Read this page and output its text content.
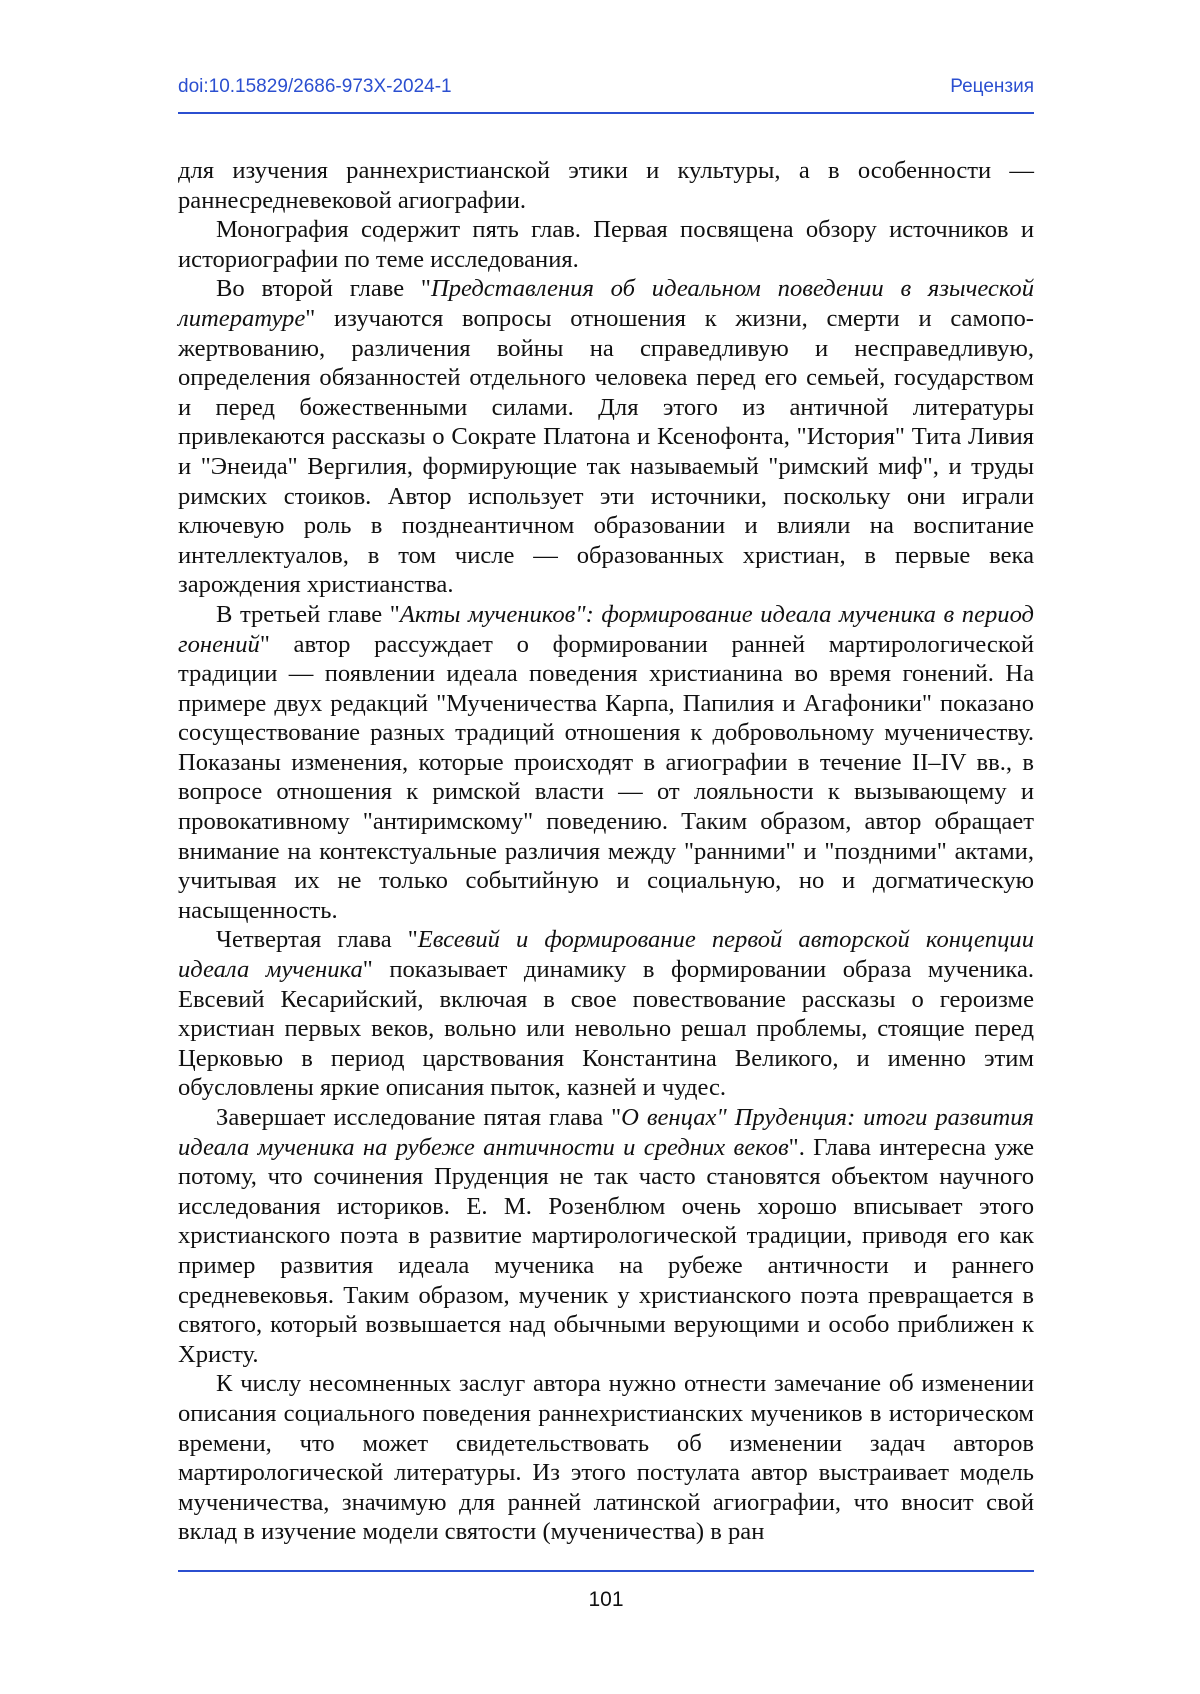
doi:10.15829/2686-973X-2024-1	Рецензия

для изучения раннехристианской этики и культуры, а в особенности — раннесредневековой агиографии.

Монография содержит пять глав. Первая посвящена обзору источников и историографии по теме исследования.

Во второй главе "Представления об идеальном поведении в языческой литературе" изучаются вопросы отношения к жизни, смерти и самопо­жертвованию, различения войны на справедливую и несправедливую, определения обязанностей отдельного человека перед его семьей, государ­ством и перед божественными силами. Для этого из античной литературы привлекаются рассказы о Сократе Платона и Ксенофонта, "История" Тита Ливия и "Энеида" Вергилия, формирующие так называемый "рим­ский миф", и труды римских стоиков. Автор использует эти источники, поскольку они играли ключевую роль в позднеантичном образовании и влияли на воспитание интеллектуалов, в том числе — образованных хри­стиан, в первые века зарождения христианства.

В третьей главе "Акты мучеников": формирование идеала мученика в период гонений" автор рассуждает о формировании ранней мартироло­гической традиции — появлении идеала поведения христианина во время гонений. На примере двух редакций "Мученичества Карпа, Папилия и Агафоники" показано сосуществование разных традиций отношения к добровольному мученичеству. Показаны изменения, которые проис­ходят в агиографии в течение II–IV вв., в вопросе отношения к римской власти — от лояльности к вызывающему и провокативному "антирим­скому" поведению. Таким образом, автор обращает внимание на контек­стуальные различия между "ранними" и "поздними" актами, учитывая их не только событийную и социальную, но и догматическую насыщенность.

Четвертая глава "Евсевий и формирование первой авторской концепции идеала мученика" показывает динамику в формировании образа мученика. Евсевий Кесарийский, включая в свое повествование рассказы о героизме христиан первых веков, вольно или невольно решал проблемы, стоящие перед Церковью в период царствования Константина Великого, и именно этим обусловлены яркие описания пыток, казней и чудес.

Завершает исследование пятая глава "О венцах" Пруденция: итоги раз­вития идеала мученика на рубеже античности и средних веков". Глава инте­ресна уже потому, что сочинения Пруденция не так часто становятся объ­ектом научного исследования историков. Е. М. Розенблюм очень хорошо вписывает этого христианского поэта в развитие мартирологической традиции, приводя его как пример развития идеала мученика на рубеже античности и раннего средневековья. Таким образом, мученик у христиан­ского поэта превращается в святого, который возвышается над обычными верующими и особо приближен к Христу.

К числу несомненных заслуг автора нужно отнести замечание об изме­нении описания социального поведения раннехристианских мучеников в историческом времени, что может свидетельствовать об изменении задач авторов мартирологической литературы. Из этого постулата автор выстра­ивает модель мученичества, значимую для ранней латинской агиографии, что вносит свой вклад в изучение модели святости (мученичества) в ран­

101
